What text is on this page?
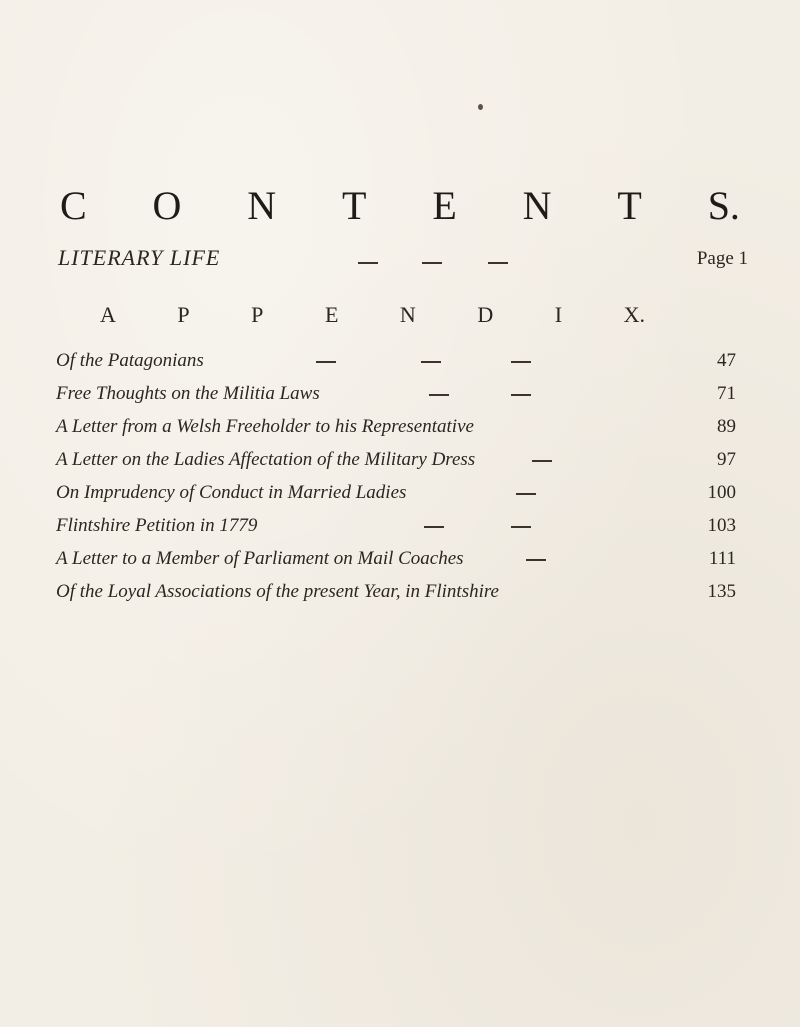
C O N T E N T S.
LITERARY LIFE	Page 1
A	P	P	E	N	D	I	X.
Of the Patagonians	47
Free Thoughts on the Militia Laws	71
A Letter from a Welsh Freeholder to his Representative	89
A Letter on the Ladies Affectation of the Military Dress	97
On Imprudency of Conduct in Married Ladies	100
Flintshire Petition in 1779	103
A Letter to a Member of Parliament on Mail Coaches	111
Of the Loyal Associations of the present Year, in Flintshire	135
